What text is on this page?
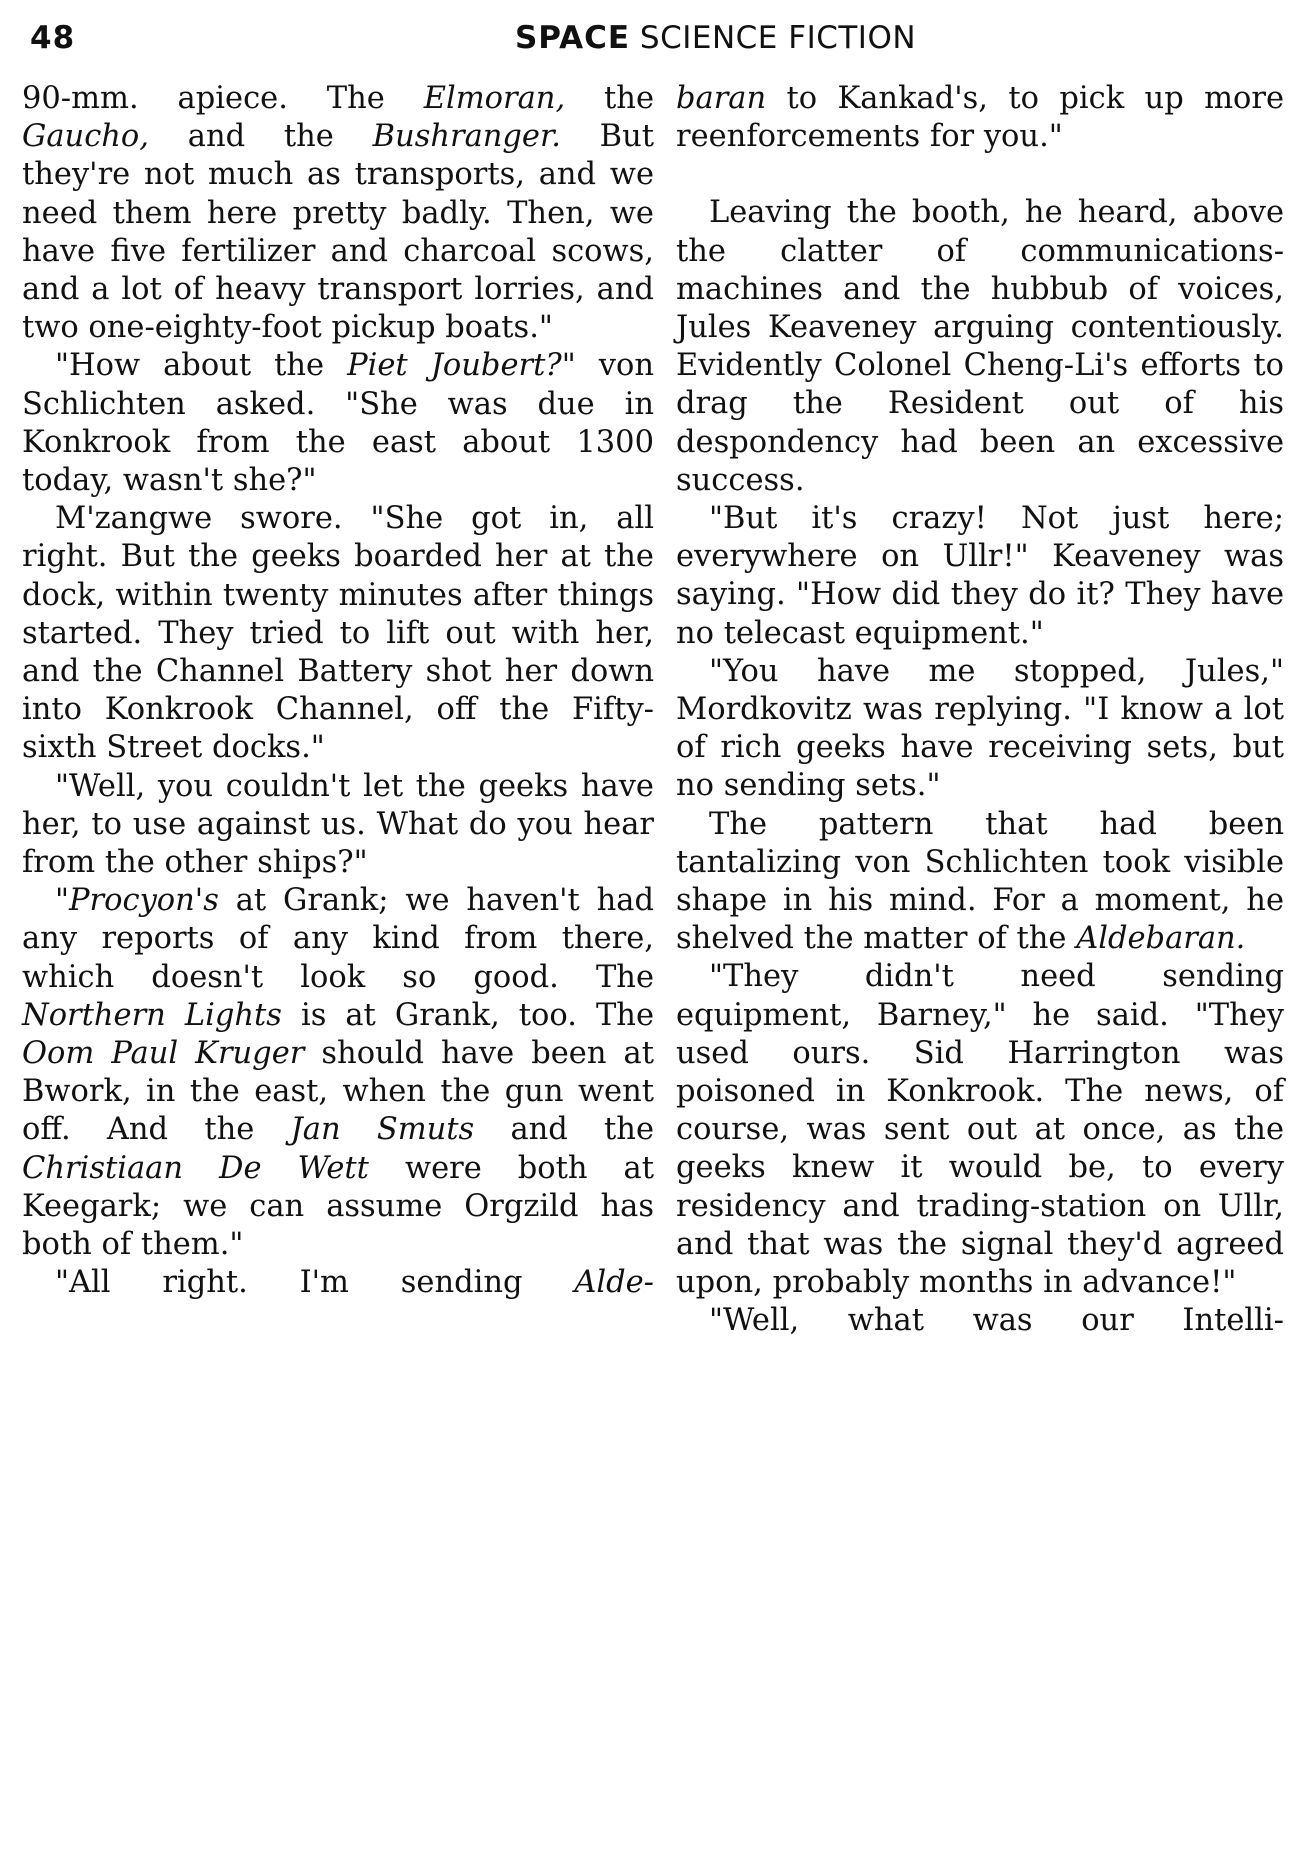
48	SPACE SCIENCE FICTION

90-mm. apiece. The Elmoran, the Gaucho, and the Bushranger. But they're not much as transports, and we need them here pretty badly. Then, we have five fertilizer and charcoal scows, and a lot of heavy transport lorries, and two one-eighty-foot pickup boats."

"How about the Piet Joubert?" von Schlichten asked. "She was due in Konkrook from the east about 1300 today, wasn't she?"

M'zangwe swore. "She got in, all right. But the geeks boarded her at the dock, within twenty minutes after things started. They tried to lift out with her, and the Channel Battery shot her down into Konkrook Channel, off the Fifty-sixth Street docks."

"Well, you couldn't let the geeks have her, to use against us. What do you hear from the other ships?"

"Procyon's at Grank; we haven't had any reports of any kind from there, which doesn't look so good. The Northern Lights is at Grank, too. The Oom Paul Kruger should have been at Bwork, in the east, when the gun went off. And the Jan Smuts and the Christiaan De Wett were both at Keegark; we can assume Orgzild has both of them."

"All right. I'm sending Alde-

baran to Kankad's, to pick up more reenforcements for you."

Leaving the booth, he heard, above the clatter of communications-machines and the hubbub of voices, Jules Keaveney arguing contentiously. Evidently Colonel Cheng-Li's efforts to drag the Resident out of his despondency had been an excessive success.

"But it's crazy! Not just here; everywhere on Ullr!" Keaveney was saying. "How did they do it? They have no telecast equipment."

"You have me stopped, Jules," Mordkovitz was replying. "I know a lot of rich geeks have receiving sets, but no sending sets."

The pattern that had been tantalizing von Schlichten took visible shape in his mind. For a moment, he shelved the matter of the Aldebaran.

"They didn't need sending equipment, Barney," he said. "They used ours. Sid Harrington was poisoned in Konkrook. The news, of course, was sent out at once, as the geeks knew it would be, to every residency and trading-station on Ullr, and that was the signal they'd agreed upon, probably months in advance!"

"Well, what was our Intelli-
